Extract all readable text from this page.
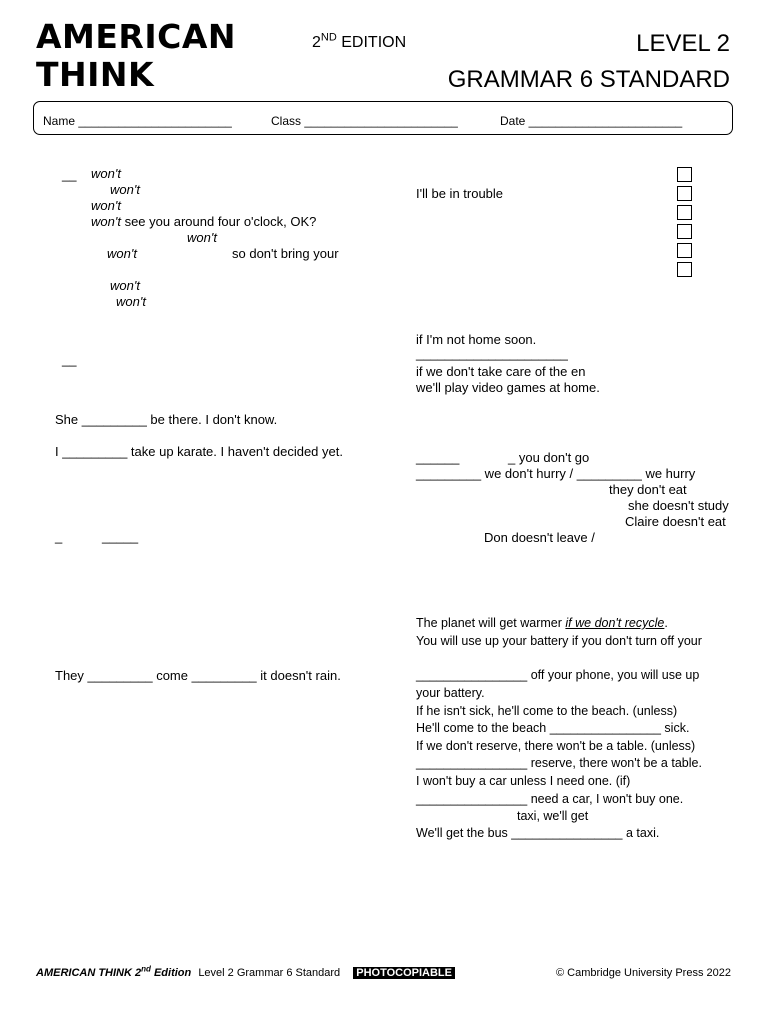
AMERICAN
THINK
2ND EDITION	LEVEL 2
GRAMMAR 6 STANDARD
Name _______________________	Class _______________________	Date _______________________
__ won't
won't
won't
won't see you around four o'clock, OK?
won't
won't	so don't bring your
won't
won't
__
She _________ be there. I don't know.
I _________ take up karate. I haven't decided yet.
_	_____
They _________ come _________ it doesn't rain.
I'll be in trouble
if I'm not home soon.
_____________________
if we don't take care of the en
we'll play video games at home.
______	_ you don't go
_________ we don't hurry / _________ we hurry
they don't eat
she doesn't study
Claire doesn't eat
Don doesn't leave /
The planet will get warmer if we don't recycle.
You will use up your battery if you don't turn off your
________________ off your phone, you will use up
your battery.
If he isn't sick, he'll come to the beach. (unless)
He'll come to the beach ________________ sick.
If we don't reserve, there won't be a table. (unless)
________________ reserve, there won't be a table.
I won't buy a car unless I need one. (if)
________________ need a car, I won't buy one.
taxi, we'll get
We'll get the bus ________________ a taxi.
AMERICAN THINK 2nd Edition Level 2 Grammar 6 Standard PHOTOCOPIABLE	© Cambridge University Press 2022
